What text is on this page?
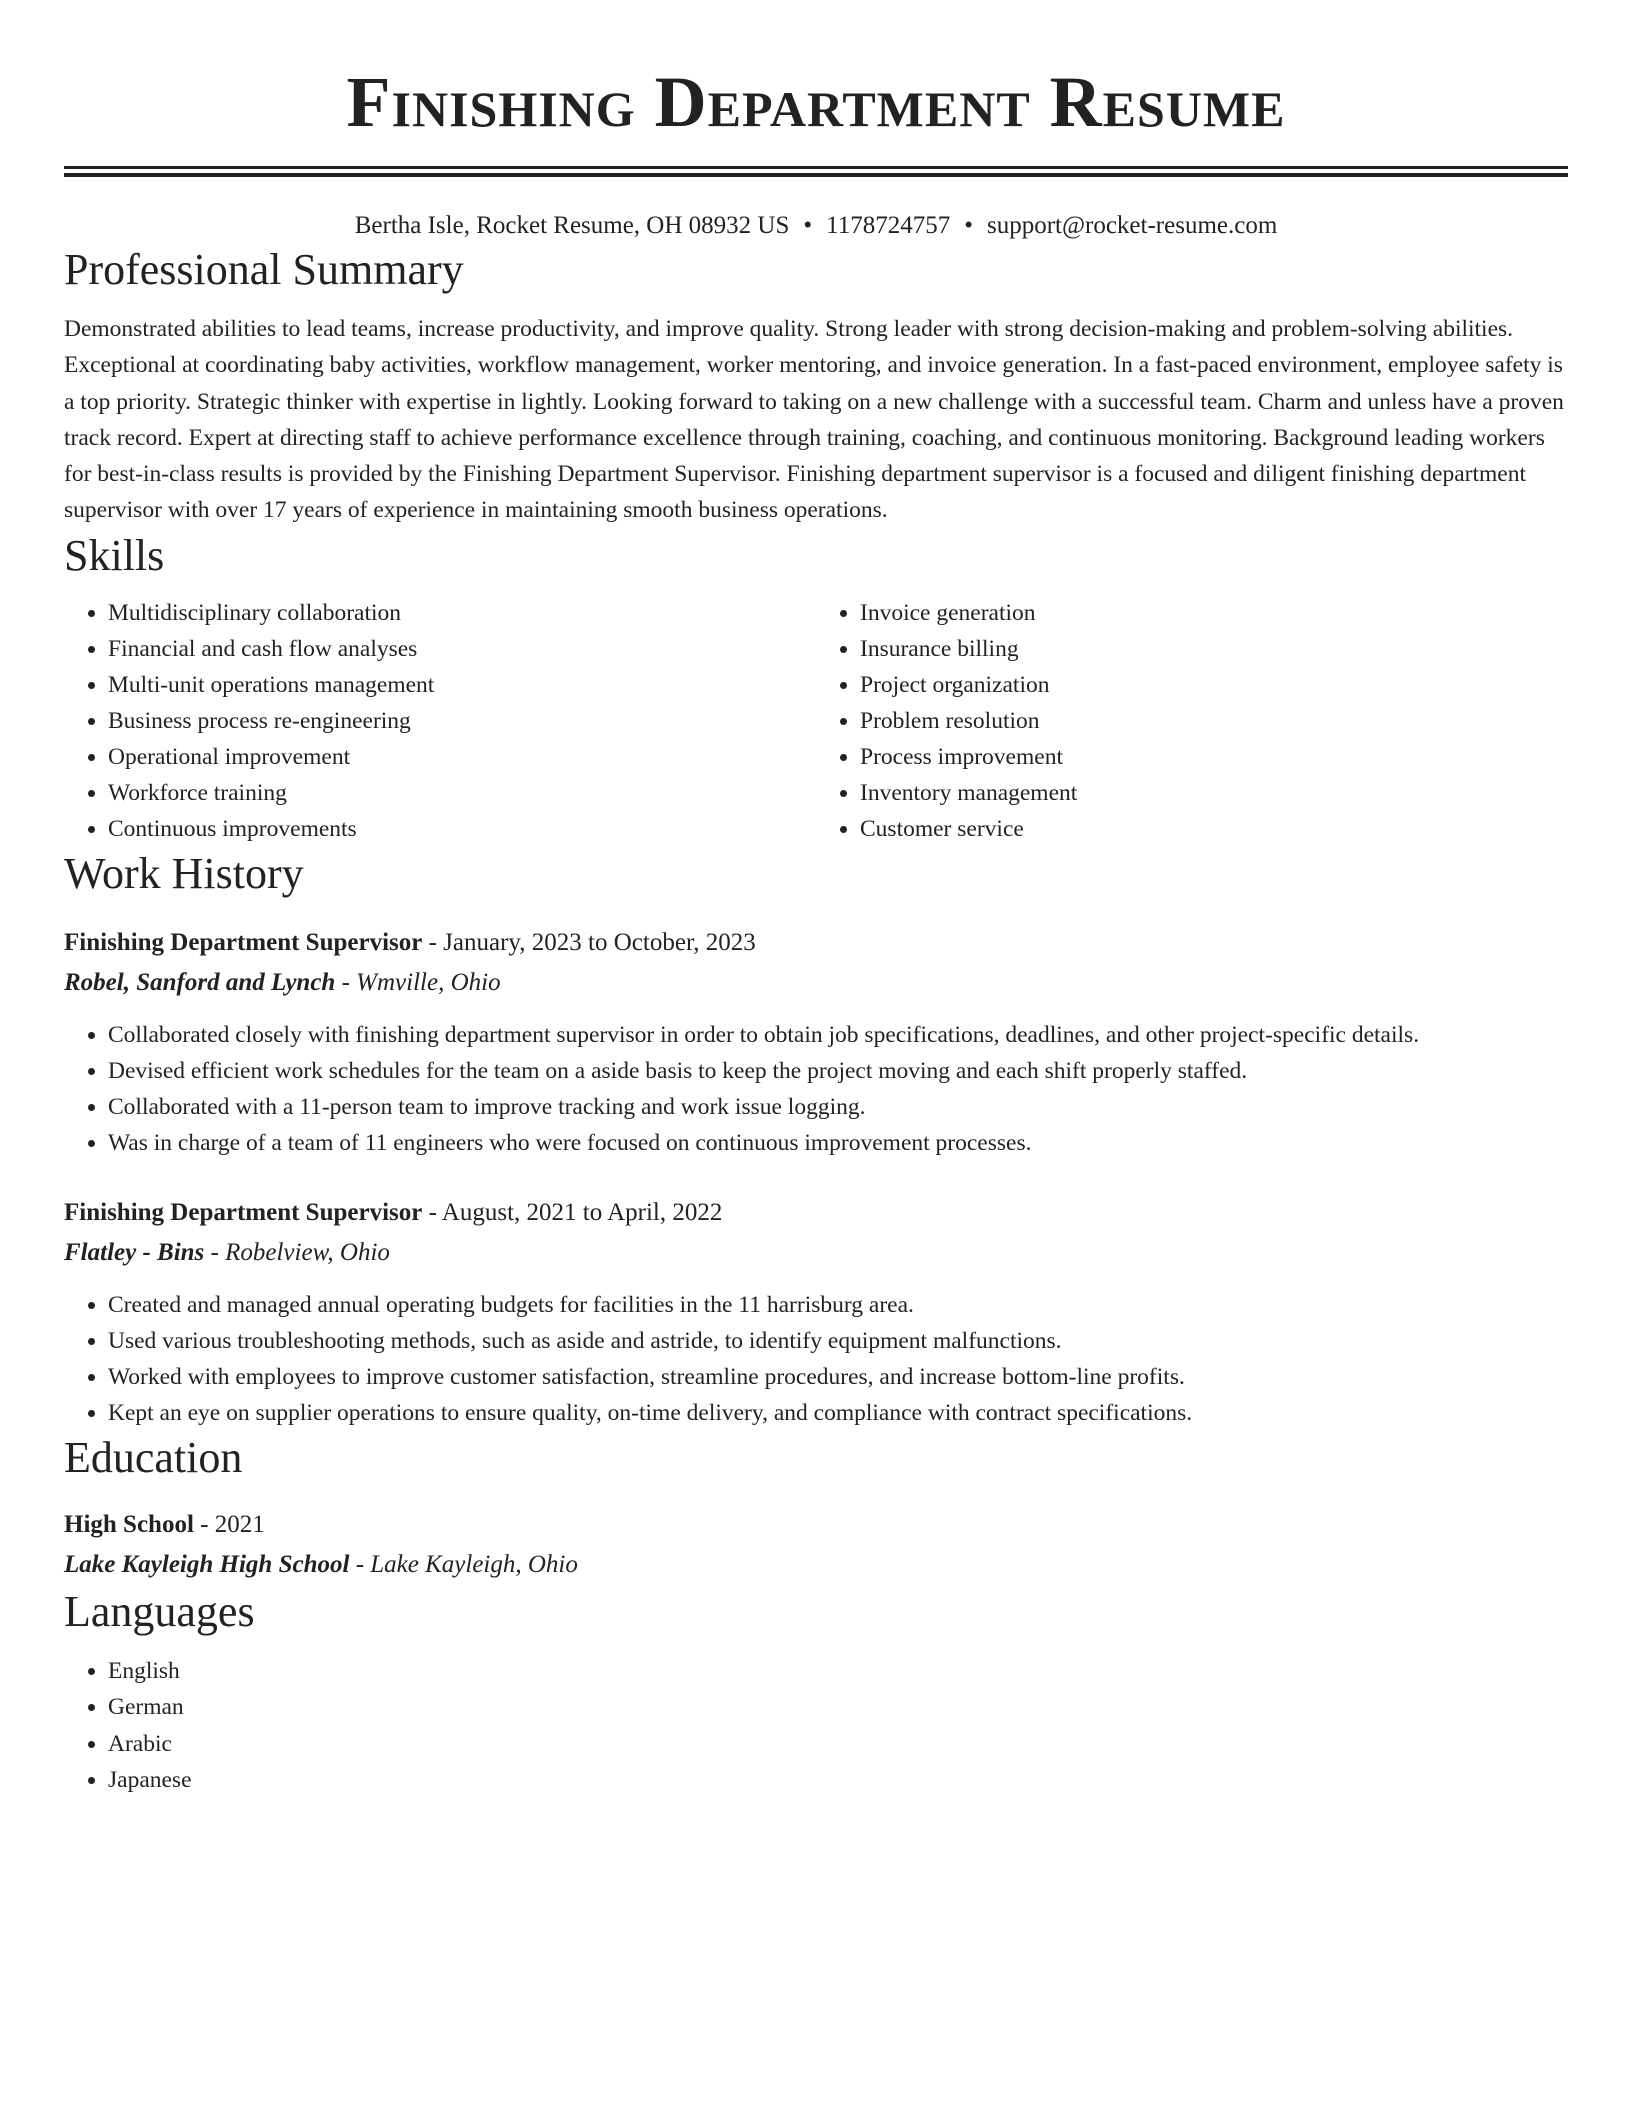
Finishing Department Resume
Bertha Isle, Rocket Resume, OH 08932 US • 1178724757 • support@rocket-resume.com
Professional Summary
Demonstrated abilities to lead teams, increase productivity, and improve quality. Strong leader with strong decision-making and problem-solving abilities. Exceptional at coordinating baby activities, workflow management, worker mentoring, and invoice generation. In a fast-paced environment, employee safety is a top priority. Strategic thinker with expertise in lightly. Looking forward to taking on a new challenge with a successful team. Charm and unless have a proven track record. Expert at directing staff to achieve performance excellence through training, coaching, and continuous monitoring. Background leading workers for best-in-class results is provided by the Finishing Department Supervisor. Finishing department supervisor is a focused and diligent finishing department supervisor with over 17 years of experience in maintaining smooth business operations.
Skills
• Multidisciplinary collaboration
• Financial and cash flow analyses
• Multi-unit operations management
• Business process re-engineering
• Operational improvement
• Workforce training
• Continuous improvements
• Invoice generation
• Insurance billing
• Project organization
• Problem resolution
• Process improvement
• Inventory management
• Customer service
Work History
Finishing Department Supervisor - January, 2023 to October, 2023
Robel, Sanford and Lynch - Wmville, Ohio
• Collaborated closely with finishing department supervisor in order to obtain job specifications, deadlines, and other project-specific details.
• Devised efficient work schedules for the team on a aside basis to keep the project moving and each shift properly staffed.
• Collaborated with a 11-person team to improve tracking and work issue logging.
• Was in charge of a team of 11 engineers who were focused on continuous improvement processes.
Finishing Department Supervisor - August, 2021 to April, 2022
Flatley - Bins - Robelview, Ohio
• Created and managed annual operating budgets for facilities in the 11 harrisburg area.
• Used various troubleshooting methods, such as aside and astride, to identify equipment malfunctions.
• Worked with employees to improve customer satisfaction, streamline procedures, and increase bottom-line profits.
• Kept an eye on supplier operations to ensure quality, on-time delivery, and compliance with contract specifications.
Education
High School - 2021
Lake Kayleigh High School - Lake Kayleigh, Ohio
Languages
• English
• German
• Arabic
• Japanese
